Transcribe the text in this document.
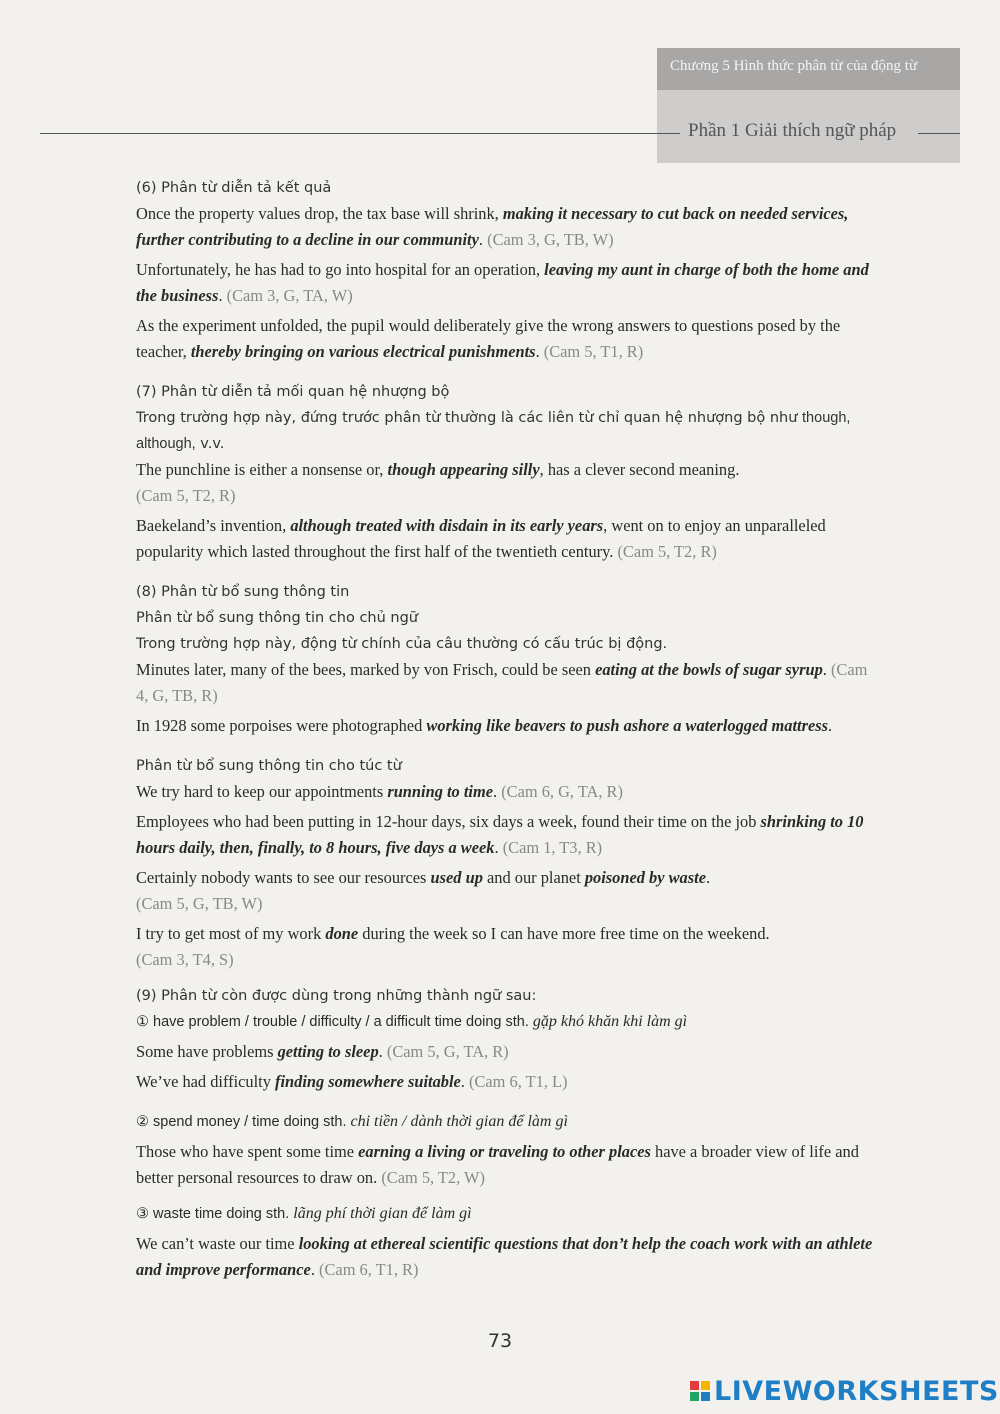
Chương 5 Hình thức phân từ của động từ
Phần 1 Giải thích ngữ pháp

(6) Phân từ diễn tả kết quả

Once the property values drop, the tax base will shrink, making it necessary to cut back on needed services, further contributing to a decline in our community. (Cam 3, G, TB, W)

Unfortunately, he has had to go into hospital for an operation, leaving my aunt in charge of both the home and the business. (Cam 3, G, TA, W)

As the experiment unfolded, the pupil would deliberately give the wrong answers to questions posed by the teacher, thereby bringing on various electrical punishments. (Cam 5, T1, R)

(7) Phân từ diễn tả mối quan hệ nhượng bộ

Trong trường hợp này, đứng trước phân từ thường là các liên từ chỉ quan hệ nhượng bộ như though, although, v.v.

The punchline is either a nonsense or, though appearing silly, has a clever second meaning.
(Cam 5, T2, R)

Baekeland’s invention, although treated with disdain in its early years, went on to enjoy an unparalleled popularity which lasted throughout the first half of the twentieth century. (Cam 5, T2, R)

(8) Phân từ bổ sung thông tin

Phân từ bổ sung thông tin cho chủ ngữ

Trong trường hợp này, động từ chính của câu thường có cấu trúc bị động.

Minutes later, many of the bees, marked by von Frisch, could be seen eating at the bowls of sugar syrup. (Cam 4, G, TB, R)

In 1928 some porpoises were photographed working like beavers to push ashore a waterlogged mattress.

Phân từ bổ sung thông tin cho túc từ

We try hard to keep our appointments running to time. (Cam 6, G, TA, R)

Employees who had been putting in 12-hour days, six days a week, found their time on the job shrinking to 10 hours daily, then, finally, to 8 hours, five days a week. (Cam 1, T3, R)

Certainly nobody wants to see our resources used up and our planet poisoned by waste.
(Cam 5, G, TB, W)

I try to get most of my work done during the week so I can have more free time on the weekend.
(Cam 3, T4, S)

(9) Phân từ còn được dùng trong những thành ngữ sau:

① have problem / trouble / difficulty / a difficult time doing sth. gặp khó khăn khi làm gì

Some have problems getting to sleep. (Cam 5, G, TA, R)

We’ve had difficulty finding somewhere suitable. (Cam 6, T1, L)

② spend money / time doing sth. chi tiền / dành thời gian để làm gì

Those who have spent some time earning a living or traveling to other places have a broader view of life and better personal resources to draw on. (Cam 5, T2, W)

③ waste time doing sth. lãng phí thời gian để làm gì

We can’t waste our time looking at ethereal scientific questions that don’t help the coach work with an athlete and improve performance. (Cam 6, T1, R)

73
LIVEWORKSHEETS
